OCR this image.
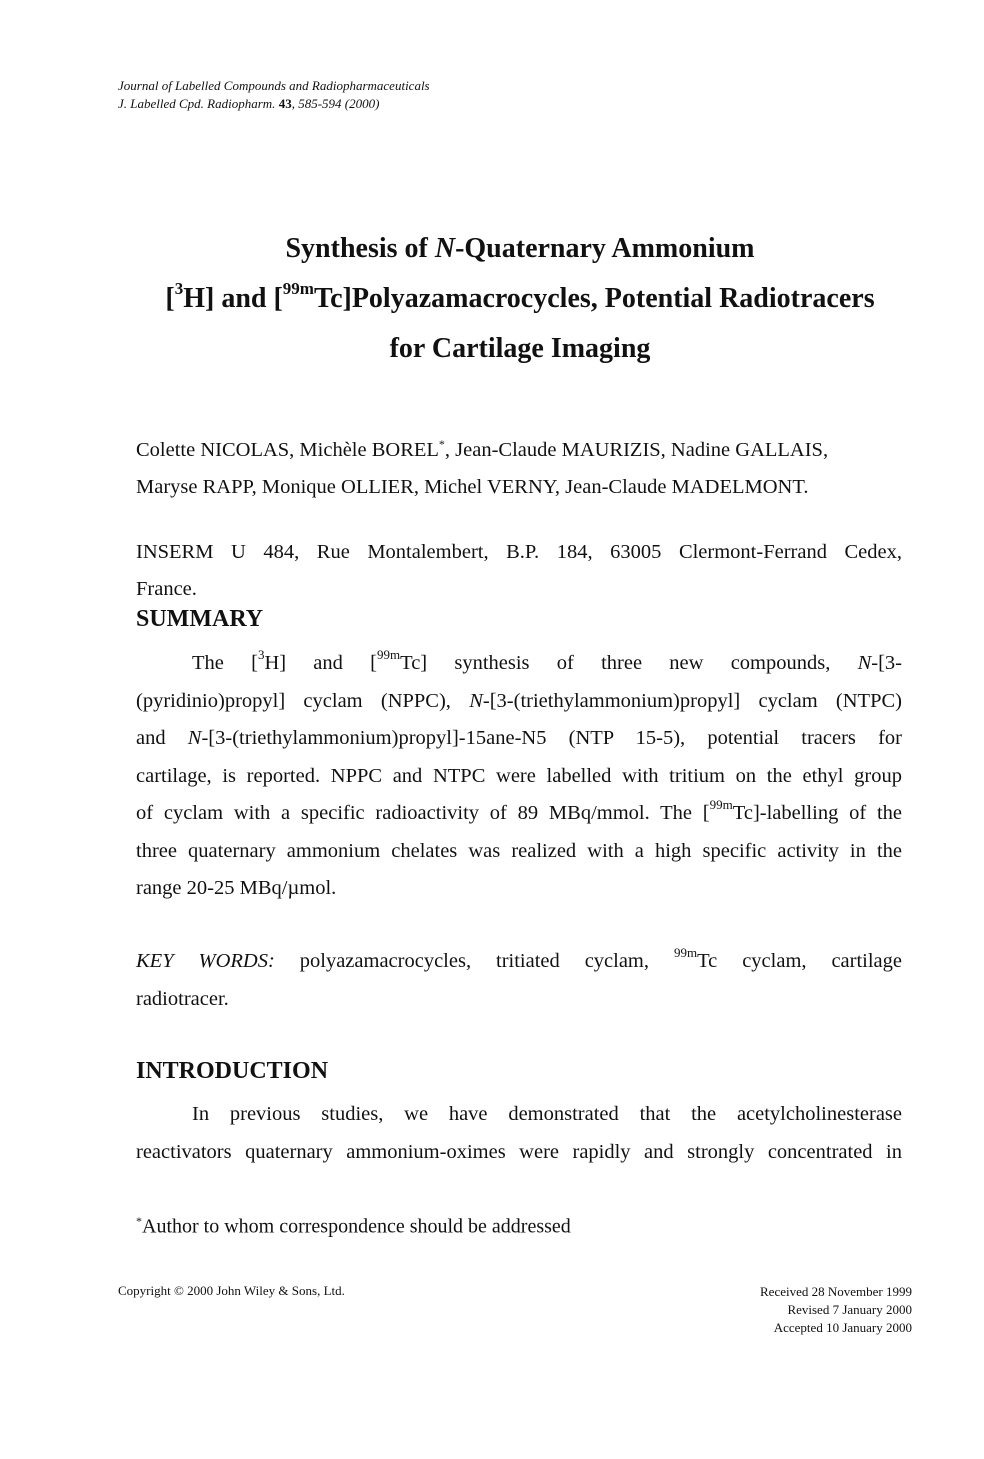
Journal of Labelled Compounds and Radiopharmaceuticals
J. Labelled Cpd. Radiopharm. 43, 585-594 (2000)
Synthesis of N-Quaternary Ammonium
[$^3$H] and [$^{99m}$Tc]Polyazamacrocycles, Potential Radiotracers
for Cartilage Imaging
Colette NICOLAS, Michèle BOREL*, Jean-Claude MAURIZIS, Nadine GALLAIS,
Maryse RAPP, Monique OLLIER, Michel VERNY, Jean-Claude MADELMONT.
INSERM U 484, Rue Montalembert, B.P. 184, 63005 Clermont-Ferrand Cedex,
France.
SUMMARY
The [$^3$H] and [$^{99m}$Tc] synthesis of three new compounds, N-[3-
(pyridinio)propyl] cyclam (NPPC), N-[3-(triethylammonium)propyl] cyclam (NTPC)
and N-[3-(triethylammonium)propyl]-15ane-N5 (NTP 15-5), potential tracers for
cartilage, is reported. NPPC and NTPC were labelled with tritium on the ethyl group
of cyclam with a specific radioactivity of 89 MBq/mmol. The [$^{99m}$Tc]-labelling of the
three quaternary ammonium chelates was realized with a high specific activity in the
range 20-25 MBq/µmol.
KEY WORDS: polyazamacrocycles, tritiated cyclam, $^{99m}$Tc cyclam, cartilage
radiotracer.
INTRODUCTION
In previous studies, we have demonstrated that the acetylcholinesterase
reactivators quaternary ammonium-oximes were rapidly and strongly concentrated in
*Author to whom correspondence should be addressed
Copyright © 2000 John Wiley & Sons, Ltd.	Received 28 November 1999
Revised 7 January 2000
Accepted 10 January 2000
